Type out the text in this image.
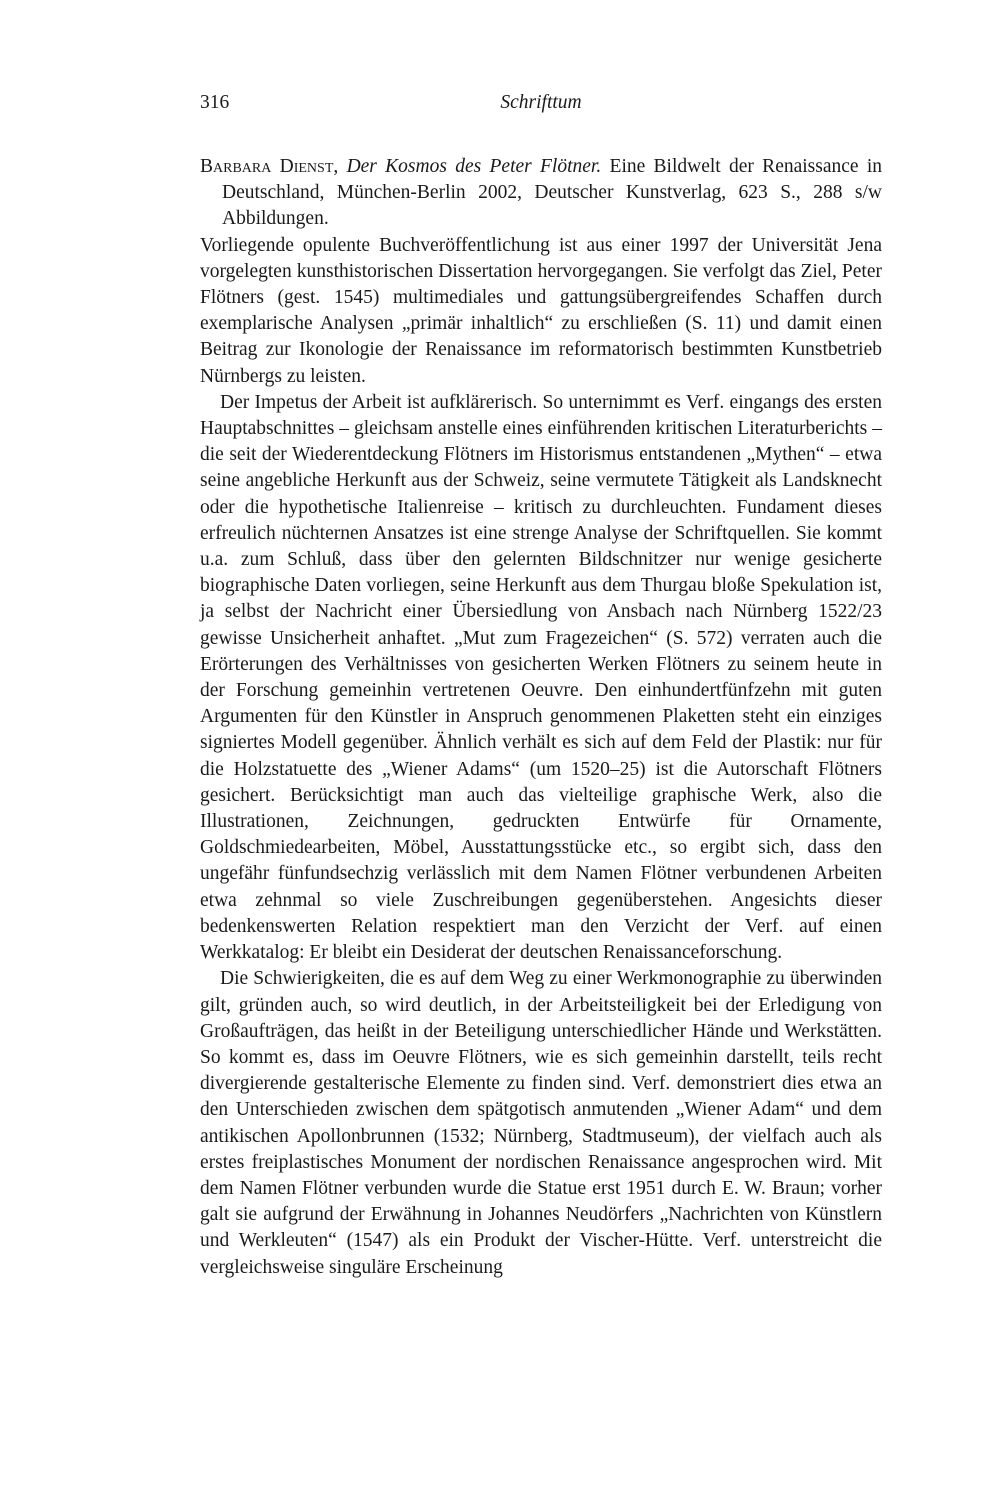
316	Schrifttum

Barbara Dienst, Der Kosmos des Peter Flötner. Eine Bildwelt der Renaissance in Deutschland, München-Berlin 2002, Deutscher Kunstverlag, 623 S., 288 s/w Abbildungen.

Vorliegende opulente Buchveröffentlichung ist aus einer 1997 der Universität Jena vorgelegten kunsthistorischen Dissertation hervorgegangen. Sie verfolgt das Ziel, Peter Flötners (gest. 1545) multimediales und gattungsübergreifendes Schaffen durch exemplarische Analysen „primär inhaltlich“ zu erschließen (S. 11) und damit einen Beitrag zur Ikonologie der Renaissance im reformatorisch bestimmten Kunstbetrieb Nürnbergs zu leisten.

Der Impetus der Arbeit ist aufklärerisch. So unternimmt es Verf. eingangs des ersten Hauptabschnittes – gleichsam anstelle eines einführenden kritischen Literaturberichts – die seit der Wiederentdeckung Flötners im Historismus entstandenen „Mythen“ – etwa seine angebliche Herkunft aus der Schweiz, seine vermutete Tätigkeit als Landsknecht oder die hypothetische Italienreise – kritisch zu durchleuchten. Fundament dieses erfreulich nüchternen Ansatzes ist eine strenge Analyse der Schriftquellen. Sie kommt u.a. zum Schluß, dass über den gelernten Bildschnitzer nur wenige gesicherte biographische Daten vorliegen, seine Herkunft aus dem Thurgau bloße Spekulation ist, ja selbst der Nachricht einer Übersiedlung von Ansbach nach Nürnberg 1522/23 gewisse Unsicherheit anhaftet. „Mut zum Fragezeichen“ (S. 572) verraten auch die Erörterungen des Verhältnisses von gesicherten Werken Flötners zu seinem heute in der Forschung gemeinhin vertretenen Oeuvre. Den einhundertfünfzehn mit guten Argumenten für den Künstler in Anspruch genommenen Plaketten steht ein einziges signiertes Modell gegenüber. Ähnlich verhält es sich auf dem Feld der Plastik: nur für die Holzstatuette des „Wiener Adams“ (um 1520–25) ist die Autorschaft Flötners gesichert. Berücksichtigt man auch das vielteilige graphische Werk, also die Illustrationen, Zeichnungen, gedruckten Entwürfe für Ornamente, Goldschmiedearbeiten, Möbel, Ausstattungsstücke etc., so ergibt sich, dass den ungefähr fünfundsechzig verlässlich mit dem Namen Flötner verbundenen Arbeiten etwa zehnmal so viele Zuschreibungen gegenüberstehen. Angesichts dieser bedenkenswerten Relation respektiert man den Verzicht der Verf. auf einen Werkkatalog: Er bleibt ein Desiderat der deutschen Renaissanceforschung.

Die Schwierigkeiten, die es auf dem Weg zu einer Werkmonographie zu überwinden gilt, gründen auch, so wird deutlich, in der Arbeitsteiligkeit bei der Erledigung von Großaufträgen, das heißt in der Beteiligung unterschiedlicher Hände und Werkstätten. So kommt es, dass im Oeuvre Flötners, wie es sich gemeinhin darstellt, teils recht divergierende gestalterische Elemente zu finden sind. Verf. demonstriert dies etwa an den Unterschieden zwischen dem spätgotisch anmutenden „Wiener Adam“ und dem antikischen Apollonbrunnen (1532; Nürnberg, Stadtmuseum), der vielfach auch als erstes freiplastisches Monument der nordischen Renaissance angesprochen wird. Mit dem Namen Flötner verbunden wurde die Statue erst 1951 durch E. W. Braun; vorher galt sie aufgrund der Erwähnung in Johannes Neudörfers „Nachrichten von Künstlern und Werkleuten“ (1547) als ein Produkt der Vischer-Hütte. Verf. unterstreicht die vergleichsweise singuläre Erscheinung
